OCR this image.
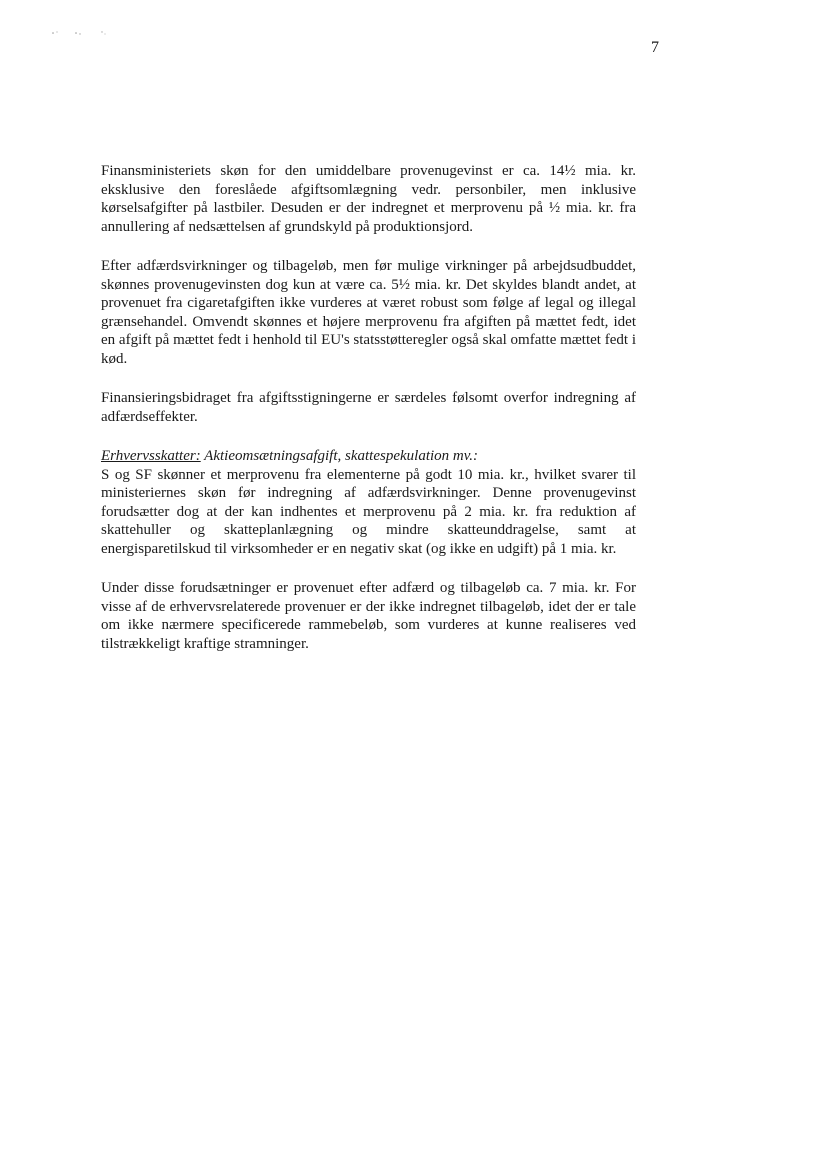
7

Finansministeriets skøn for den umiddelbare provenugevinst er ca. 14½ mia. kr. eksklusive den foreslåede afgiftsomlægning vedr. personbiler, men inklusive kørselsafgifter på lastbiler. Desuden er der indregnet et merprovenu på ½ mia. kr. fra annullering af nedsættelsen af grundskyld på produktionsjord.

Efter adfærdsvirkninger og tilbageløb, men før mulige virkninger på arbejdsudbuddet, skønnes provenugevinsten dog kun at være ca. 5½ mia. kr. Det skyldes blandt andet, at provenuet fra cigaretafgiften ikke vurderes at været robust som følge af legal og illegal grænsehandel. Omvendt skønnes et højere merprovenu fra afgiften på mættet fedt, idet en afgift på mættet fedt i henhold til EU's statsstøtteregler også skal omfatte mættet fedt i kød.

Finansieringsbidraget fra afgiftsstigningerne er særdeles følsomt overfor indregning af adfærdseffekter.

Erhvervsskatter: Aktieomsætningsafgift, skattespekulation mv.:

S og SF skønner et merprovenu fra elementerne på godt 10 mia. kr., hvilket svarer til ministeriernes skøn før indregning af adfærdsvirkninger. Denne provenugevinst forudsætter dog at der kan indhentes et merprovenu på 2 mia. kr. fra reduktion af skattehuller og skatteplanlægning og mindre skatteunddragelse, samt at energisparetilskud til virksomheder er en negativ skat (og ikke en udgift) på 1 mia. kr.

Under disse forudsætninger er provenuet efter adfærd og tilbageløb ca. 7 mia. kr. For visse af de erhvervsrelaterede provenuer er der ikke indregnet tilbageløb, idet der er tale om ikke nærmere specificerede rammebeløb, som vurderes at kunne realiseres ved tilstrækkeligt kraftige stramninger.
